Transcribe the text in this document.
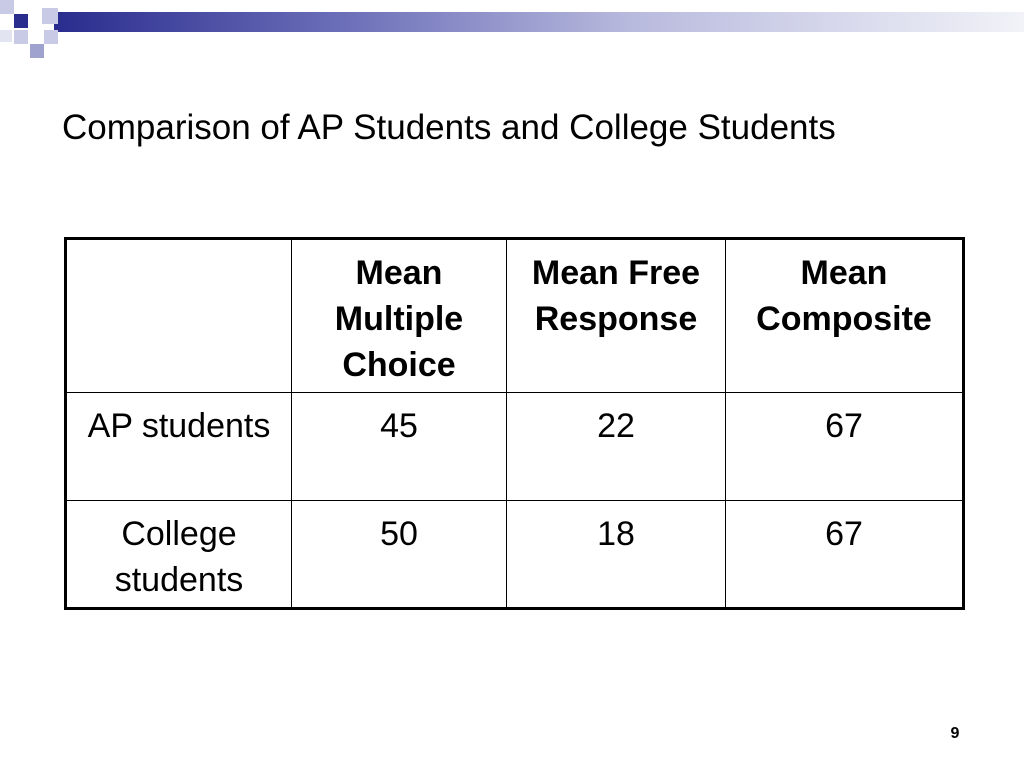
Comparison of AP Students and College Students
	Mean Multiple Choice	Mean Free Response	Mean Composite
AP students	45	22	67
College students	50	18	67
9
